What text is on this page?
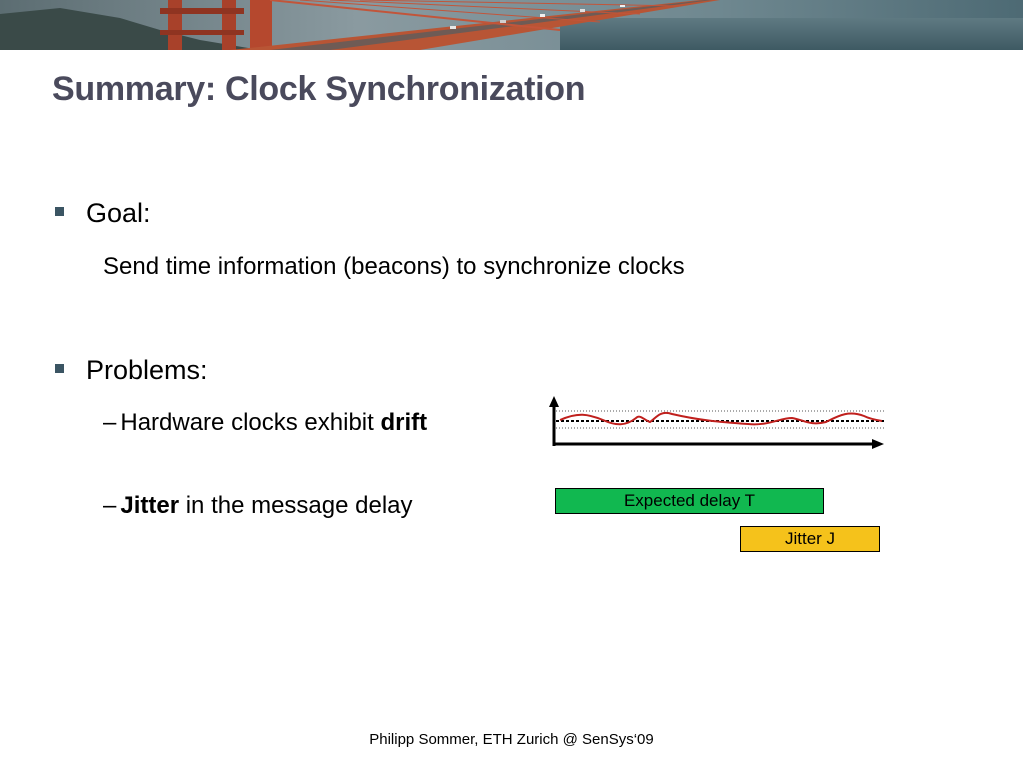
Summary: Clock Synchronization
Goal:
Send time information (beacons) to synchronize clocks
Problems:
– Hardware clocks exhibit drift
– Jitter in the message delay	Expected delay T
Jitter J
Philipp Sommer, ETH Zurich @ SenSys‘09
